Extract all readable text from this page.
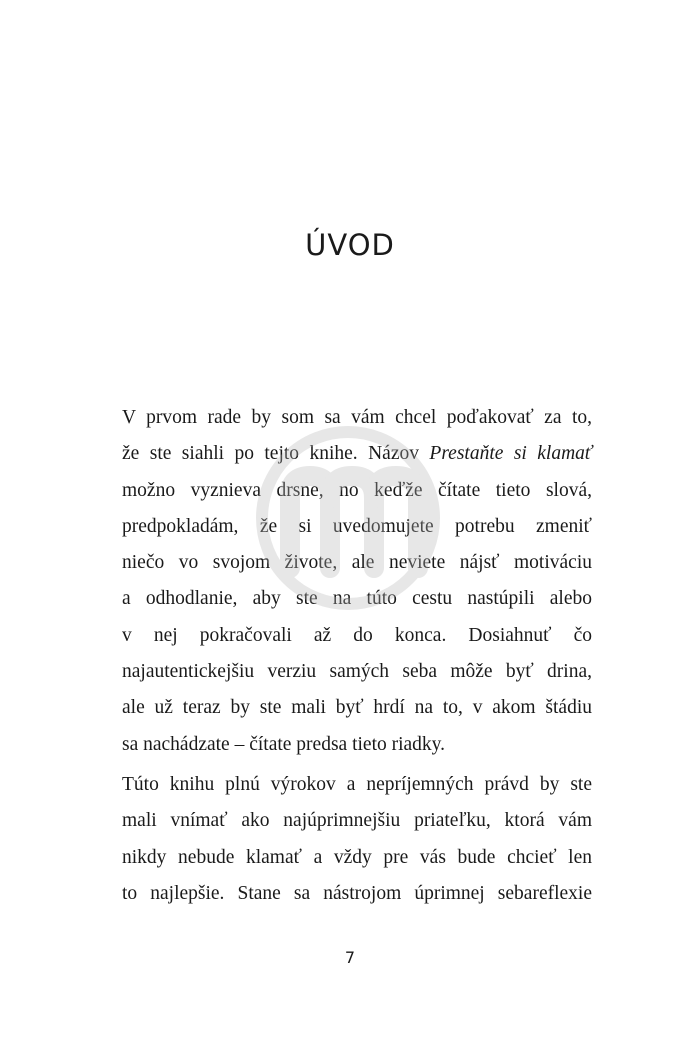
ÚVOD
V prvom rade by som sa vám chcel poďakovať za to,
že ste siahli po tejto knihe. Názov Prestaňte si klamať
možno vyznieva drsne, no keďže čítate tieto slová,
predpokladám, že si uvedomujete potrebu zmeniť
niečo vo svojom živote, ale neviete nájsť motiváciu
a odhodlanie, aby ste na túto cestu nastúpili alebo
v nej pokračovali až do konca. Dosiahnuť čo
najautentickejšiu verziu samých seba môže byť drina,
ale už teraz by ste mali byť hrdí na to, v akom štádiu
sa nachádzate – čítate predsa tieto riadky.
Túto knihu plnú výrokov a nepríjemných právd by ste
mali vnímať ako najúprimnejšiu priateľku, ktorá vám
nikdy nebude klamať a vždy pre vás bude chcieť len
to najlepšie. Stane sa nástrojom úprimnej sebareflexie
7
